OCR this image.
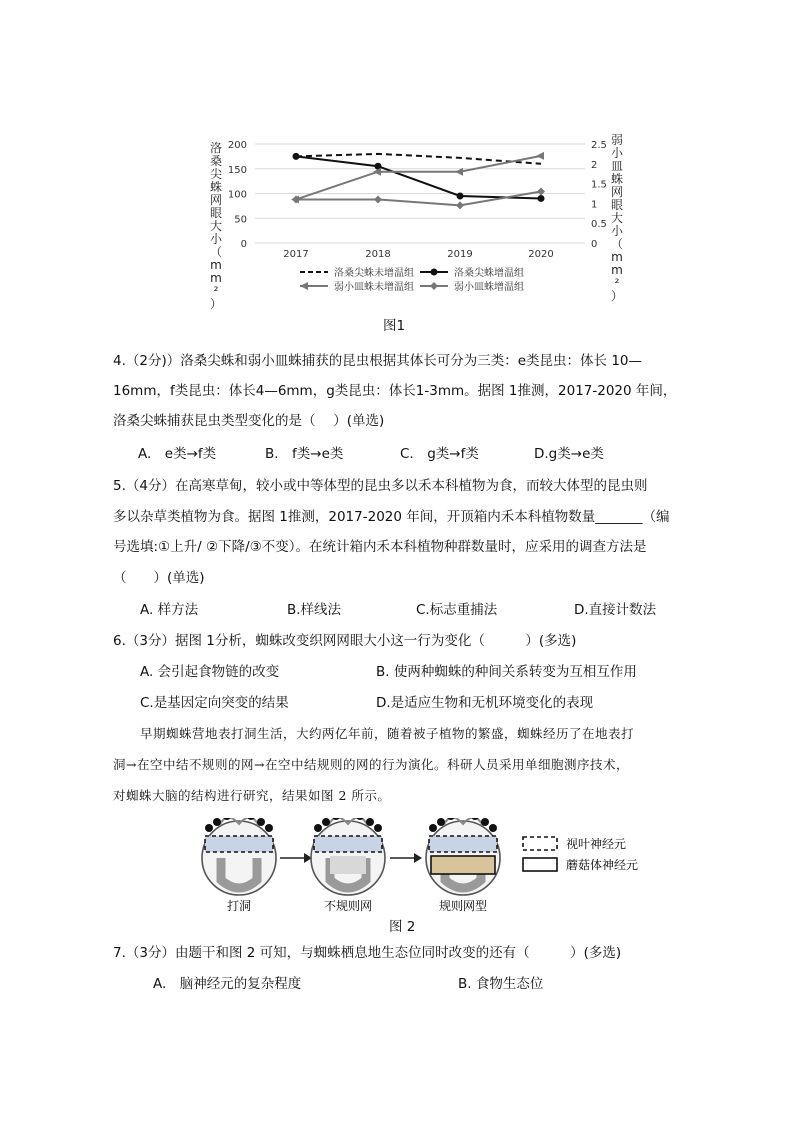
0
50
100
150
200
0
0.5
1
1.5
2
2.5
2017	2018	2019	2020
洛桑尖蛛网眼大小（ m m ² ）
弱小皿蛛网眼大小（ m m ² ）
洛桑尖蛛未增温组	洛桑尖蛛增温组
弱小皿蛛未增温组	弱小皿蛛增温组
图1
4.（2分)）洛桑尖蛛和弱小皿蛛捕获的昆虫根据其体长可分为三类：e类昆虫：体长 10—
16mm，f类昆虫：体长4—6mm，g类昆虫：体长1-3mm。据图 1推测，2017-2020 年间，
洛桑尖蛛捕获昆虫类型变化的是（　 ）(单选)
A.　e类→f类	B.　f类→e类	C.　g类→f类	D.g类→e类
5.（4分）在高寒草甸，较小或中等体型的昆虫多以禾本科植物为食，而较大体型的昆虫则
多以杂草类植物为食。据图 1推测，2017-2020 年间，开顶箱内禾本科植物数量_______（编
号选填:①上升/ ②下降/③不变）。在统计箱内禾本科植物种群数量时，应采用的调查方法是
（　　）(单选)
A. 样方法	B.样线法	C.标志重捕法	D.直接计数法
6.（3分）据图 1分析，蜘蛛改变织网网眼大小这一行为变化（　　　）(多选)
A. 会引起食物链的改变	B. 使两种蜘蛛的种间关系转变为互相互作用
C.是基因定向突变的结果	D.是适应生物和无机环境变化的表现
早期蜘蛛营地表打洞生活，大约两亿年前，随着被子植物的繁盛，蜘蛛经历了在地表打
洞→在空中结不规则的网→在空中结规则的网的行为演化。科研人员采用单细胞测序技术，
对蜘蛛大脑的结构进行研究，结果如图 2 所示。
打洞	不规则网	规则网型
视叶神经元
蘑菇体神经元
图 2
7.（3分）由题干和图 2 可知，与蜘蛛栖息地生态位同时改变的还有（　　　）(多选)
A.　脑神经元的复杂程度	B. 食物生态位
